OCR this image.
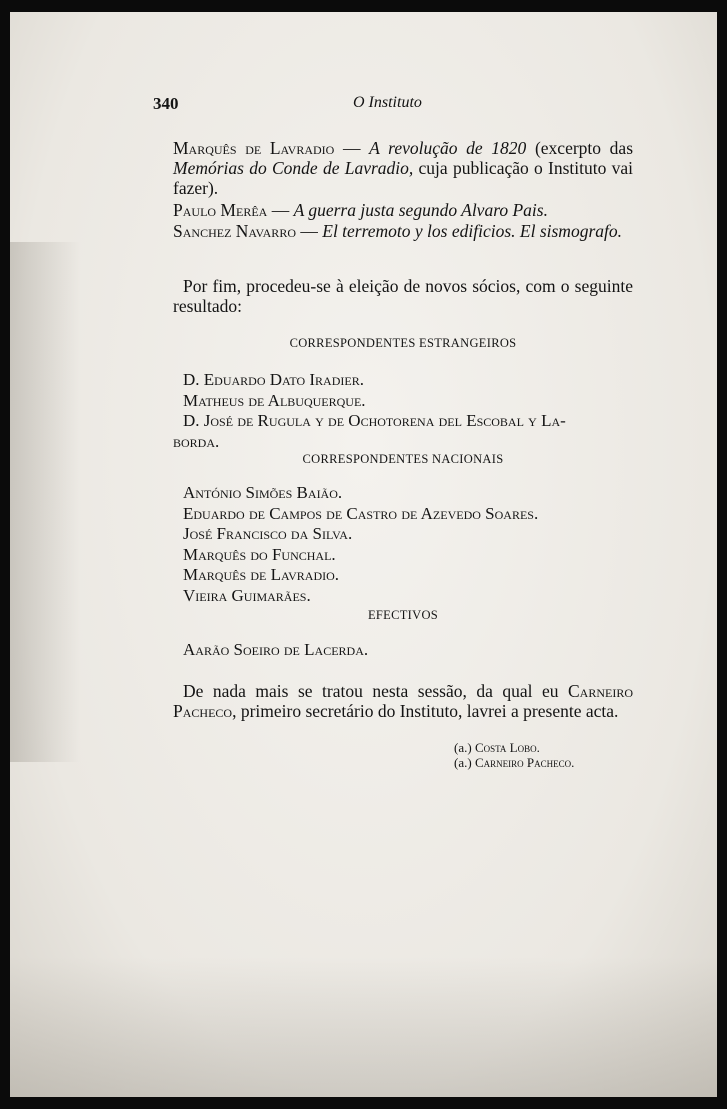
340	O Instituto
Marquês de Lavradio — A revolução de 1820 (excerpto das Memórias do Conde de Lavradio, cuja publicação o Instituto vai fazer).
Paulo Merêa — A guerra justa segundo Alvaro Pais.
Sanchez Navarro — El terremoto y los edificios. El sismografo.
Por fim, procedeu-se à eleição de novos sócios, com o seguinte resultado:
CORRESPONDENTES ESTRANGEIROS
D. Eduardo Dato Iradier.
Matheus de Albuquerque.
D. José de Rugula y de Ochotorena del Escobal y La-
borda.
CORRESPONDENTES NACIONAIS
António Simões Baião.
Eduardo de Campos de Castro de Azevedo Soares.
José Francisco da Silva.
Marquês do Funchal.
Marquês de Lavradio.
Vieira Guimarães.
EFECTIVOS
Aarão Soeiro de Lacerda.
De nada mais se tratou nesta sessão, da qual eu Carneiro Pacheco, primeiro secretário do Instituto, lavrei a presente acta.
(a.) Costa Lobo.
(a.) Carneiro Pacheco.
